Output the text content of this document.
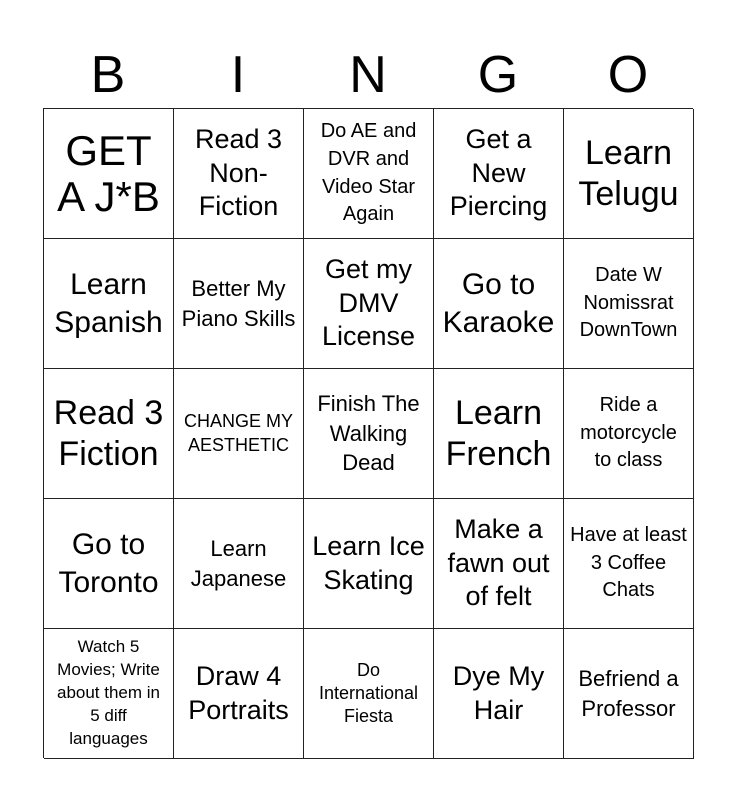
B	I	N	G	O
GET A J*B
Read 3 Non-Fiction
Do AE and DVR and Video Star Again
Get a New Piercing
Learn Telugu
Learn Spanish
Better My Piano Skills
Get my DMV License
Go to Karaoke
Date W Nomissrat DownTown
Read 3 Fiction
CHANGE MY AESTHETIC
Finish The Walking Dead
Learn French
Ride a motorcycle to class
Go to Toronto
Learn Japanese
Learn Ice Skating
Make a fawn out of felt
Have at least 3 Coffee Chats
Watch 5 Movies; Write about them in 5 diff languages
Draw 4 Portraits
Do International Fiesta
Dye My Hair
Befriend a Professor
